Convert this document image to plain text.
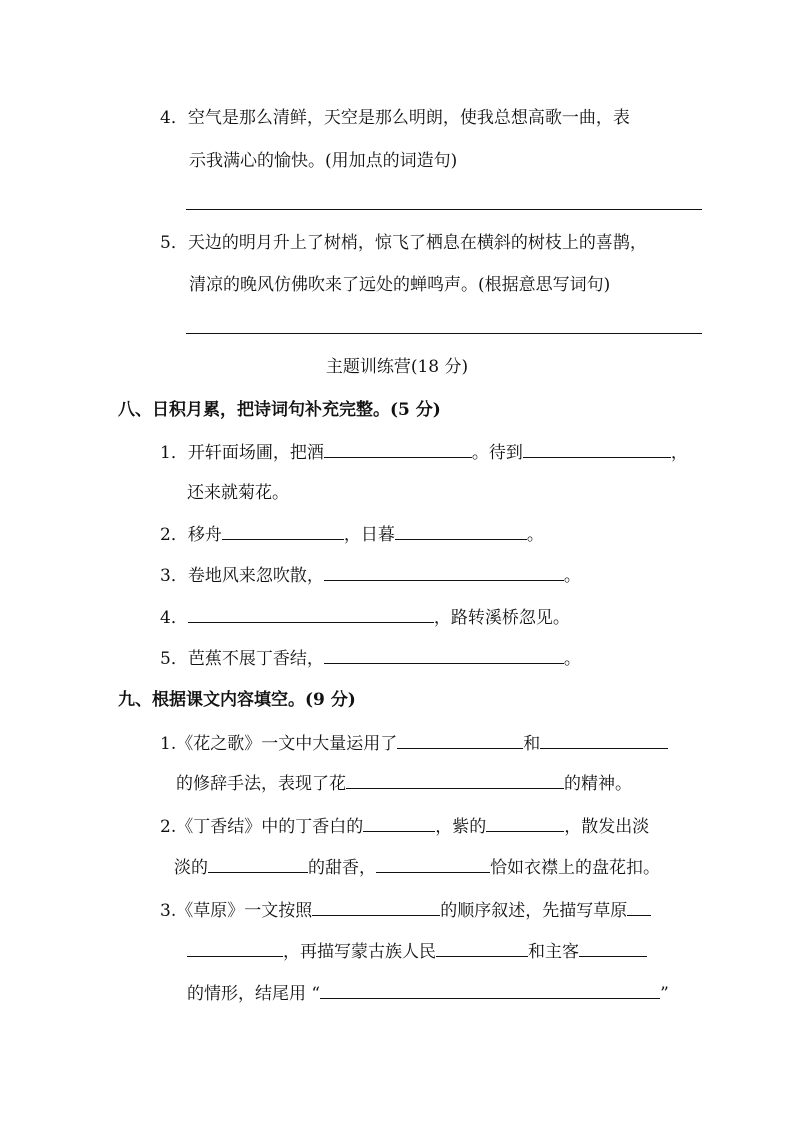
4．空气是那么清鲜，天空是那么明朗，使我总想高歌一曲，表
示我满心的愉快。(用加点的词造句)
5．天边的明月升上了树梢，惊飞了栖息在横斜的树枝上的喜鹊，
清凉的晚风仿佛吹来了远处的蝉鸣声。(根据意思写词句)
主题训练营(18 分)
八、日积月累，把诗词句补充完整。(5 分)
1．开轩面场圃，把酒	。待到	，
还来就菊花。
2．移舟	，日暮	。
3．卷地风来忽吹散，	。
4．	，路转溪桥忽见。
5．芭蕉不展丁香结，	。
九、根据课文内容填空。(9 分)
1.《花之歌》一文中大量运用了	和
的修辞手法，表现了花	的精神。
2.《丁香结》中的丁香白的	，紫的	，散发出淡
淡的	的甜香，	恰如衣襟上的盘花扣。
3.《草原》一文按照	的顺序叙述，先描写草原
，再描写蒙古族人民	和主客
的情形，结尾用 “	”
